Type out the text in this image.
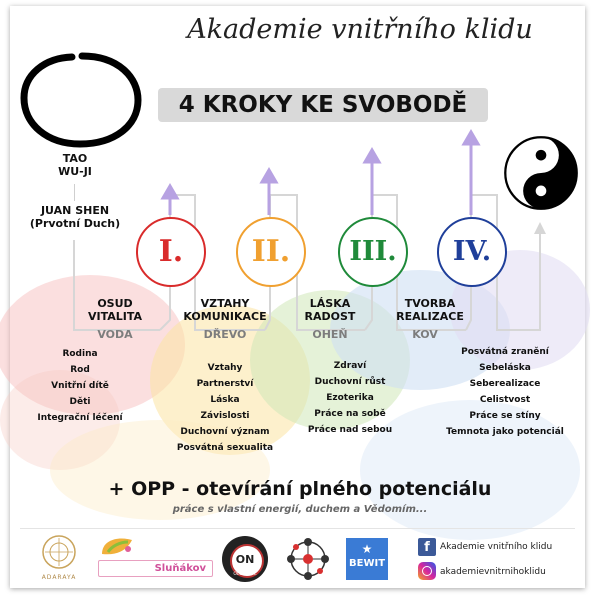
Akademie vnitřního klidu
4 KROKY KE SVOBODĚ
TAO
WU-JI
JUAN SHEN
(Prvotní Duch)
I.	II.	III.	IV.
OSUD
VITALITA
VODA
VZTAHY
KOMUNIKACE
DŘEVO
LÁSKA
RADOST
OHEŇ
TVORBA
REALIZACE
KOV
Rodina
Rod
Vnitřní dítě
Děti
Integrační léčení
Vztahy
Partnerství
Láska
Závislosti
Duchovní význam
Posvátná sexualita
Zdraví
Duchovní růst
Ezoterika
Práce na sobě
Práce nad sebou
Posvátná zranění
Sebeláska
Seberealizace
Celistvost
Práce se stíny
Temnota jako potenciál
+ OPP - otevírání plného potenciálu
práce s vlastní energií, duchem a Vědomím...
ADARAYA
Sluňákov
ON
OLOMOUC
★
BEWIT
f	Akademie vnitřního klidu
akademievnitrnihoklidu
